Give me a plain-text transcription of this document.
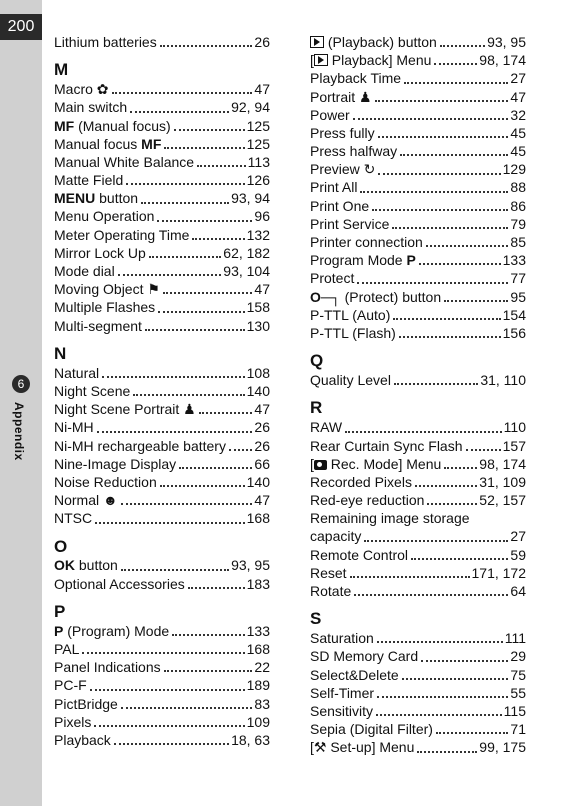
200
6
Appendix
Lithium batteries	26
M
Macro ✿	47
Main switch	92, 94
MF (Manual focus)	125
Manual focus MF	125
Manual White Balance	113
Matte Field	126
MENU button	93, 94
Menu Operation	96
Meter Operating Time	132
Mirror Lock Up	62, 182
Mode dial	93, 104
Moving Object ⚑	47
Multiple Flashes	158
Multi-segment	130
N
Natural	108
Night Scene	140
Night Scene Portrait ♟	47
Ni-MH	26
Ni-MH rechargeable battery 26
Nine-Image Display	66
Noise Reduction	140
Normal ☻	47
NTSC	168
O
OK button	93, 95
Optional Accessories	183
P
P (Program) Mode	133
PAL	168
Panel Indications	22
PC-F	189
PictBridge	83
Pixels	109
Playback	18, 63
(Playback) button	93, 95
[ Playback] Menu	98, 174
Playback Time	27
Portrait ♟	47
Power	32
Press fully	45
Press halfway	45
Preview ↻	129
Print All	88
Print One	86
Print Service	79
Printer connection	85
Program Mode P	133
Protect	77
O─┐ (Protect) button	95
P-TTL (Auto)	154
P-TTL (Flash)	156
Q
Quality Level	31, 110
R
RAW	110
Rear Curtain Sync Flash	157
[ Rec. Mode] Menu	98, 174
Recorded Pixels	31, 109
Red-eye reduction	52, 157
Remaining image storage
capacity	27
Remote Control	59
Reset	171, 172
Rotate	64
S
Saturation	111
SD Memory Card	29
Select&Delete	75
Self-Timer	55
Sensitivity	115
Sepia (Digital Filter)	71
[⚒ Set-up] Menu	99, 175
